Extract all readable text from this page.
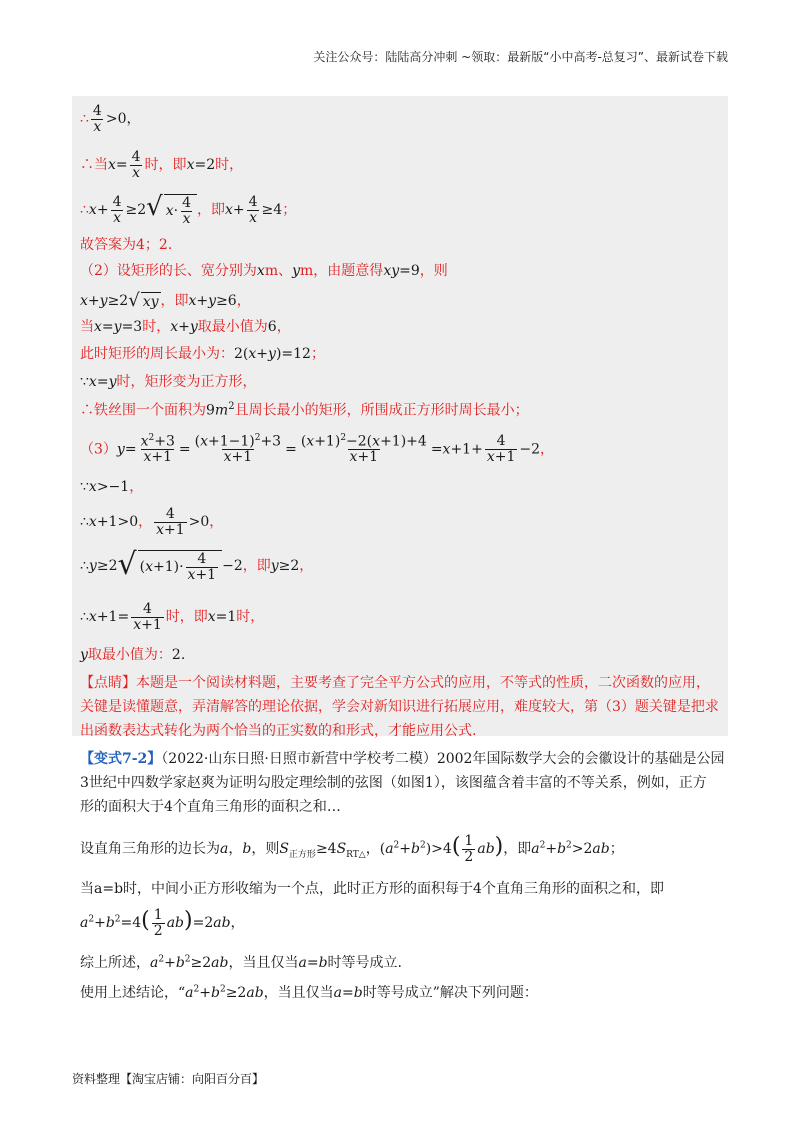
关注公众号：陆陆高分冲刺 ~领取：最新版“小中高考-总复习”、最新试卷下载
∴ $\frac{4}{x} >0$，
∴当$x= \frac{4}{x}$ 时，即x=2时，
∴x+ $\frac{4}{x} \ge 2$ √ $x \cdot \frac{4}{x}$ ，即$x+ \frac{4}{x} \ge 4$；
故答案为4；2.
（2）设矩形的长、宽分别为xm、ym，由题意得xy=9，则
x+y≥2 √ xy ，即x+y≥6，
当x=y=3时，x+y取最小值为6，
此时矩形的周长最小为：2(x+y)=12；
∵x=y时，矩形变为正方形，
∴铁丝围一个面积为$9m^2$且周长最小的矩形，所围成正方形时周长最小；
$(3)y= \frac{x^2+3}{x+1} = \frac{(x+1-1)^2+3}{x+1} = \frac{(x+1)^2-2(x+1)+4}{x+1} =x+1+ \frac{4}{x+1} -2$，
∵x>−1，
∴x+1>0， $\frac{4}{x+1} >0$，
∴y≥2 √ ( $x +1)\cdot \frac{4}{x+1} -2$，即y≥2，
∴x+1= $\frac{4}{x+1}$ 时，即x=1时，
y取最小值为：2.
【点睛】本题是一个阅读材料题，主要考查了完全平方公式的应用，不等式的性质，二次函数的应用，
关键是读懂题意，弄清解答的理论依据，学会对新知识进行拓展应用，难度较大，第（3）题关键是把求
出函数表达式转化为两个恰当的正实数的和形式，才能应用公式.
【变式7-2】（2022·山东日照·日照市新营中学校考二模）2002年国际数学大会的会徽设计的基础是公园
3世纪中四数学家赵爽为证明勾股定理绘制的弦图（如图1），该图蕴含着丰富的不等关系，例如，正方
形的面积大于4个直角三角形的面积之和…
设直角三角形的边长为a，b，则$S_{正方形}\ge 4S_{RT\triangle}$，$(a^2+b^2)>4( \frac{1}{2} ab)$，即$a^2+b^2>2ab$；
当a=b时，中间小正方形收缩为一个点，此时正方形的面积每于4个直角三角形的面积之和，即
$a^2+b^2=4( \frac{1}{2} ab)=2ab$，
综上所述，$a^2+b^2\ge 2ab$，当且仅当a=b时等号成立.
使用上述结论，“$a^2+b^2\ge 2ab$，当且仅当a=b时等号成立”解决下列问题：
资料整理【淘宝店铺：向阳百分百】
